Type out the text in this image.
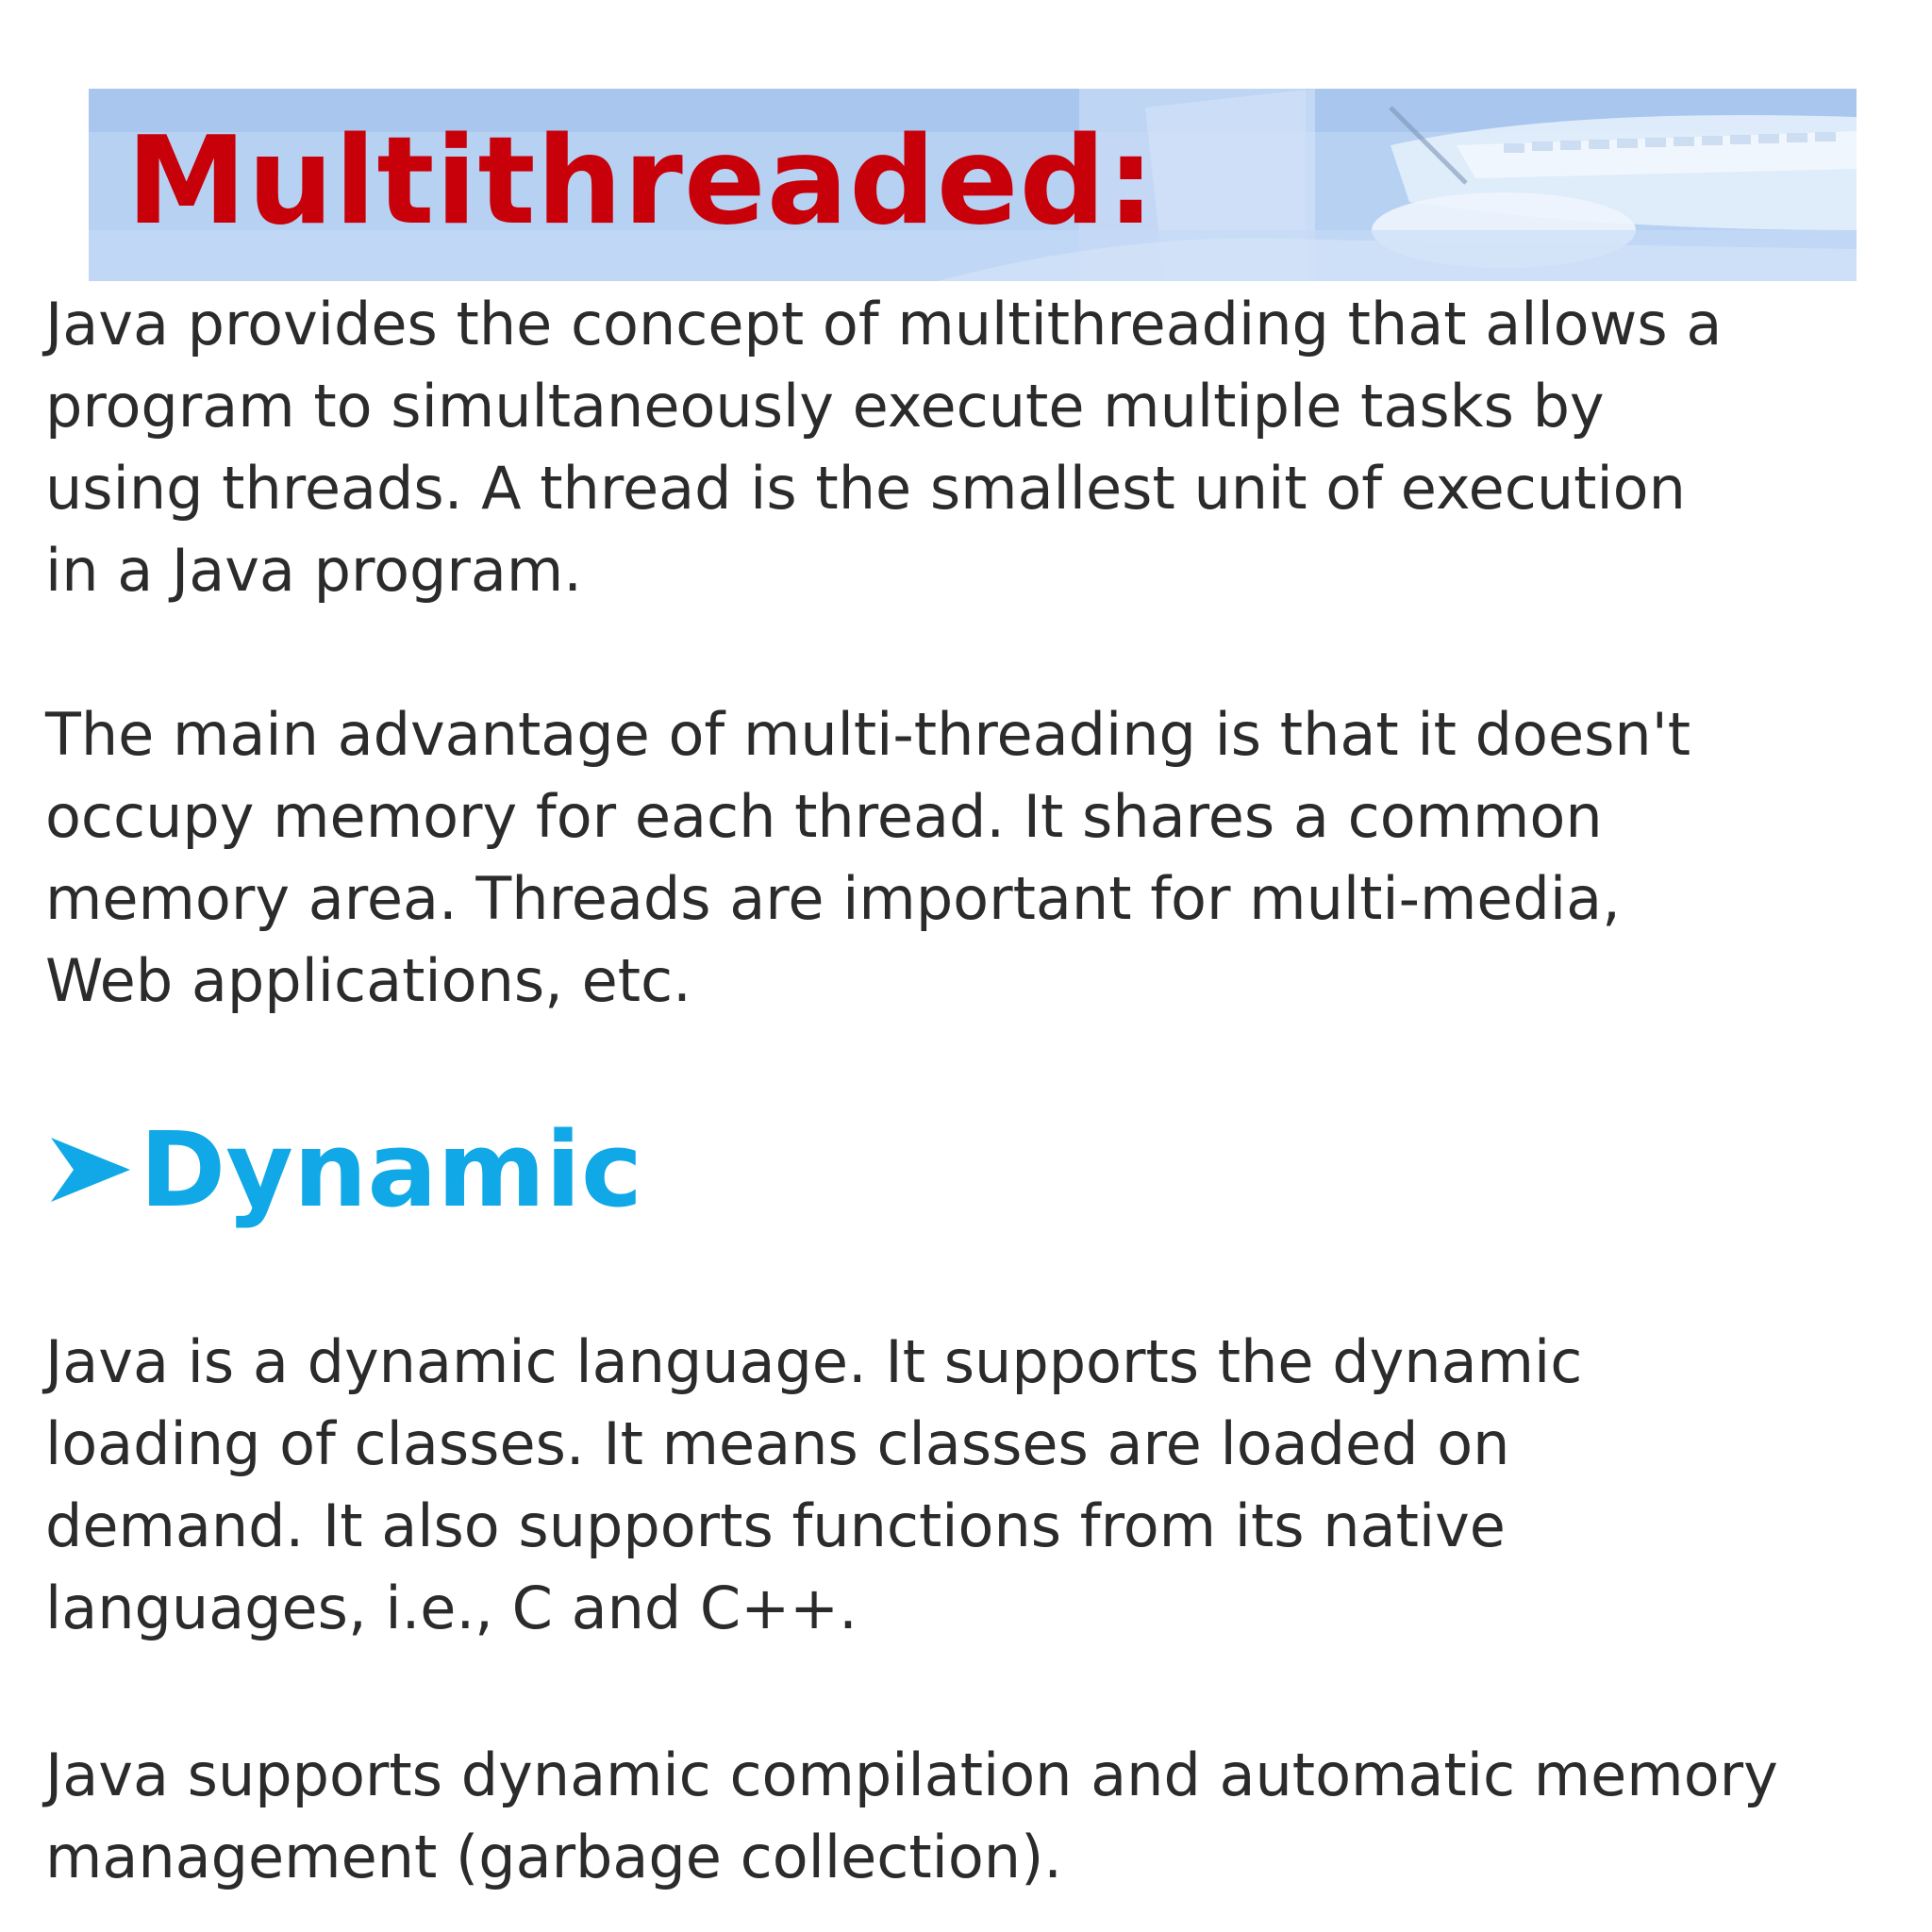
Multithreaded:

Java provides the concept of multithreading that allows a
program to simultaneously execute multiple tasks by
using threads. A thread is the smallest unit of execution
in a Java program.

The main advantage of multi-threading is that it doesn't
occupy memory for each thread. It shares a common
memory area. Threads are important for multi-media,
Web applications, etc.

Dynamic

Java is a dynamic language. It supports the dynamic
loading of classes. It means classes are loaded on
demand. It also supports functions from its native
languages, i.e., C and C++.

Java supports dynamic compilation and automatic memory
management (garbage collection).
